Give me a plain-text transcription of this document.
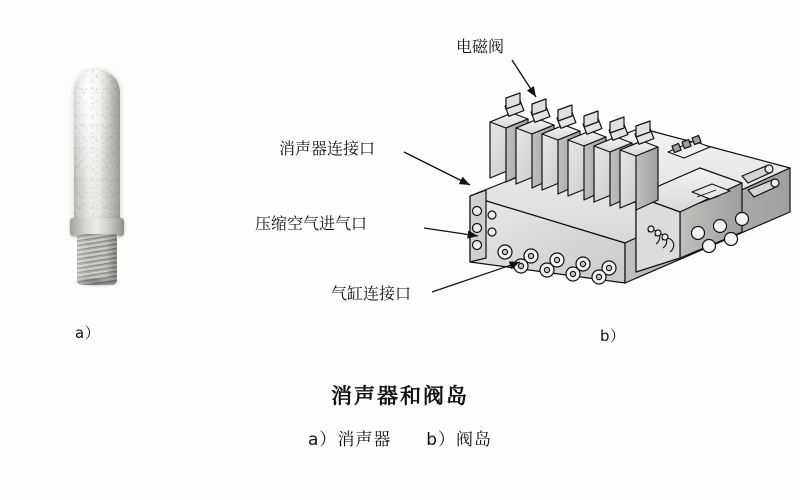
电磁阀
消声器连接口
压缩空气进气口
气缸连接口
a）	b）
消声器和阀岛
a）消声器 b）阀岛
